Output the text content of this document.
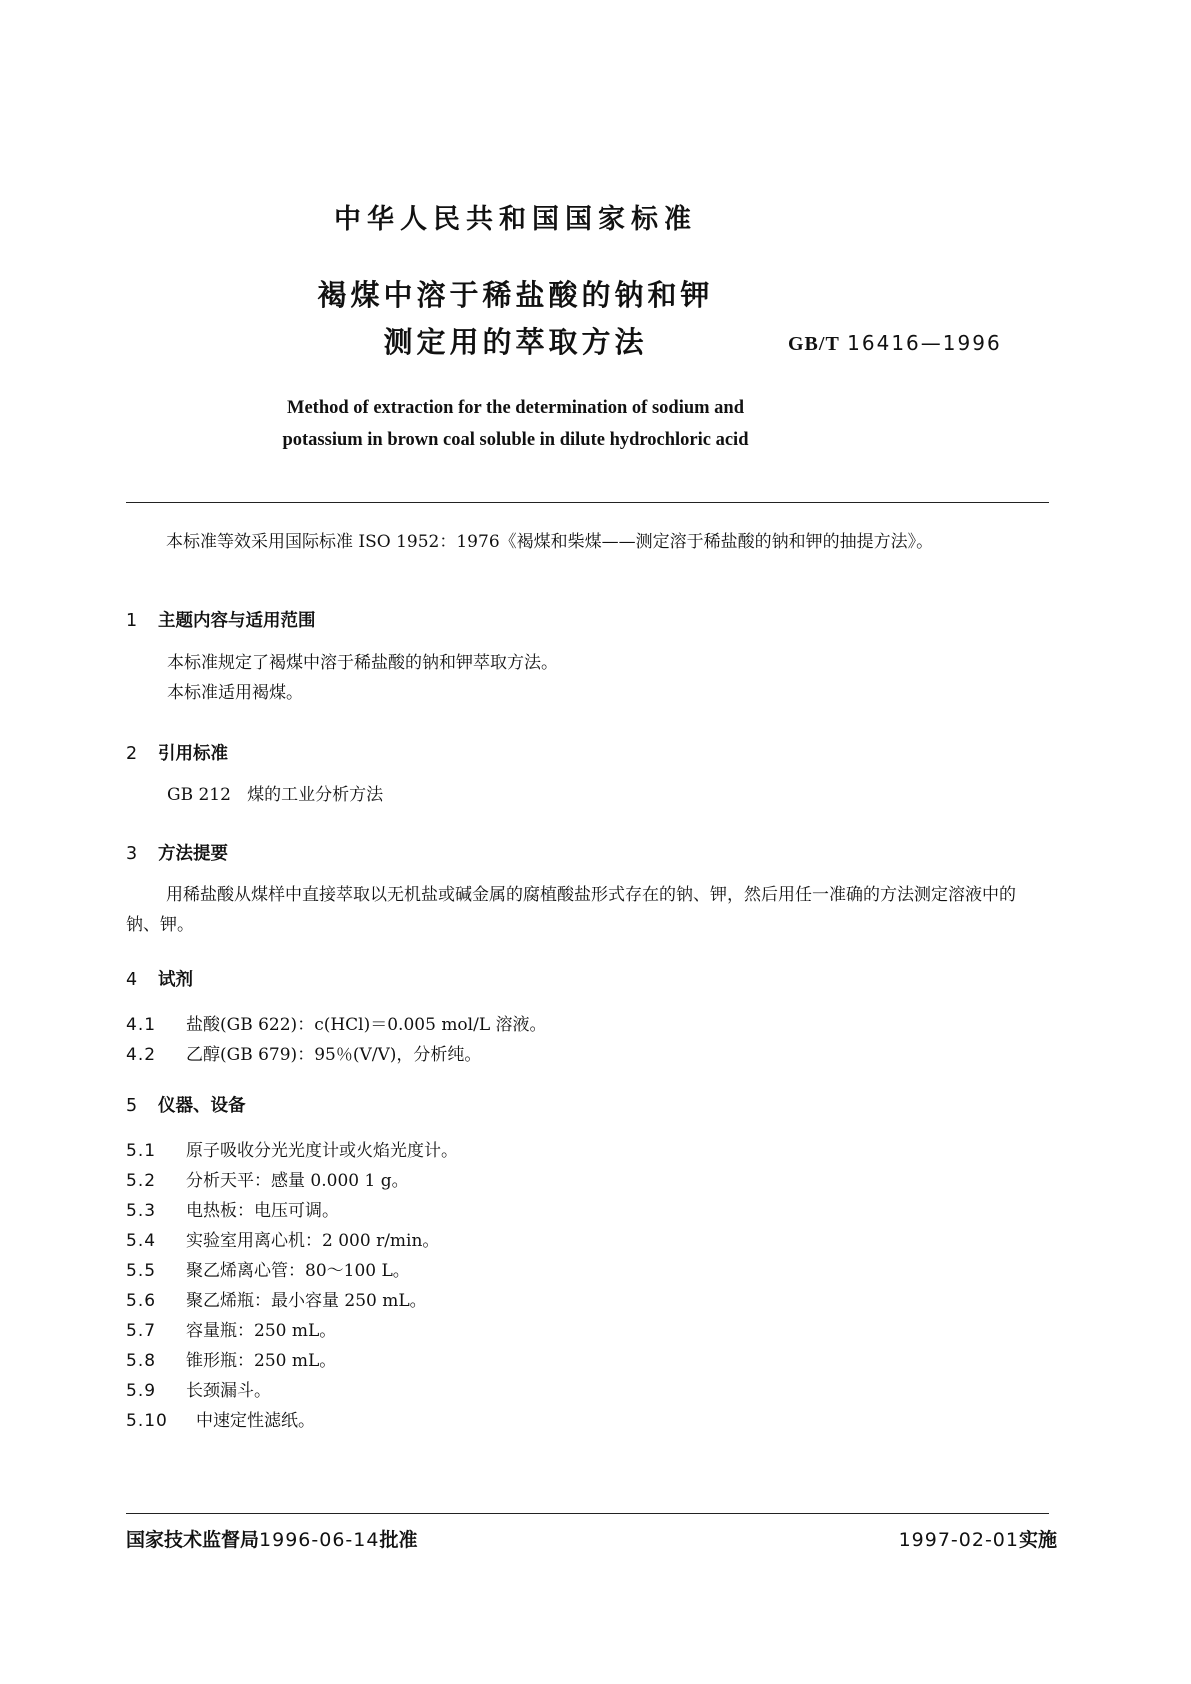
中华人民共和国国家标准
褐煤中溶于稀盐酸的钠和钾
测定用的萃取方法	GB/T 16416—1996
Method of extraction for the determination of sodium and
potassium in brown coal soluble in dilute hydrochloric acid
本标准等效采用国际标准 ISO 1952：1976《褐煤和柴煤——测定溶于稀盐酸的钠和钾的抽提方法》。
1 主题内容与适用范围
本标准规定了褐煤中溶于稀盐酸的钠和钾萃取方法。
本标准适用褐煤。
2 引用标准
GB 212   煤的工业分析方法
3 方法提要
用稀盐酸从煤样中直接萃取以无机盐或碱金属的腐植酸盐形式存在的钠、钾，然后用任一准确的方法测定溶液中的钠、钾。
4 试剂
4.1 盐酸(GB 622)：c(HCl)＝0.005 mol/L 溶液。
4.2 乙醇(GB 679)：95％(V/V)，分析纯。
5 仪器、设备
5.1 原子吸收分光光度计或火焰光度计。
5.2 分析天平：感量 0.000 1 g。
5.3 电热板：电压可调。
5.4 实验室用离心机：2 000 r/min。
5.5 聚乙烯离心管：80～100 L。
5.6 聚乙烯瓶：最小容量 250 mL。
5.7 容量瓶：250 mL。
5.8 锥形瓶：250 mL。
5.9 长颈漏斗。
5.10 中速定性滤纸。
国家技术监督局1996-06-14批准	1997-02-01实施
